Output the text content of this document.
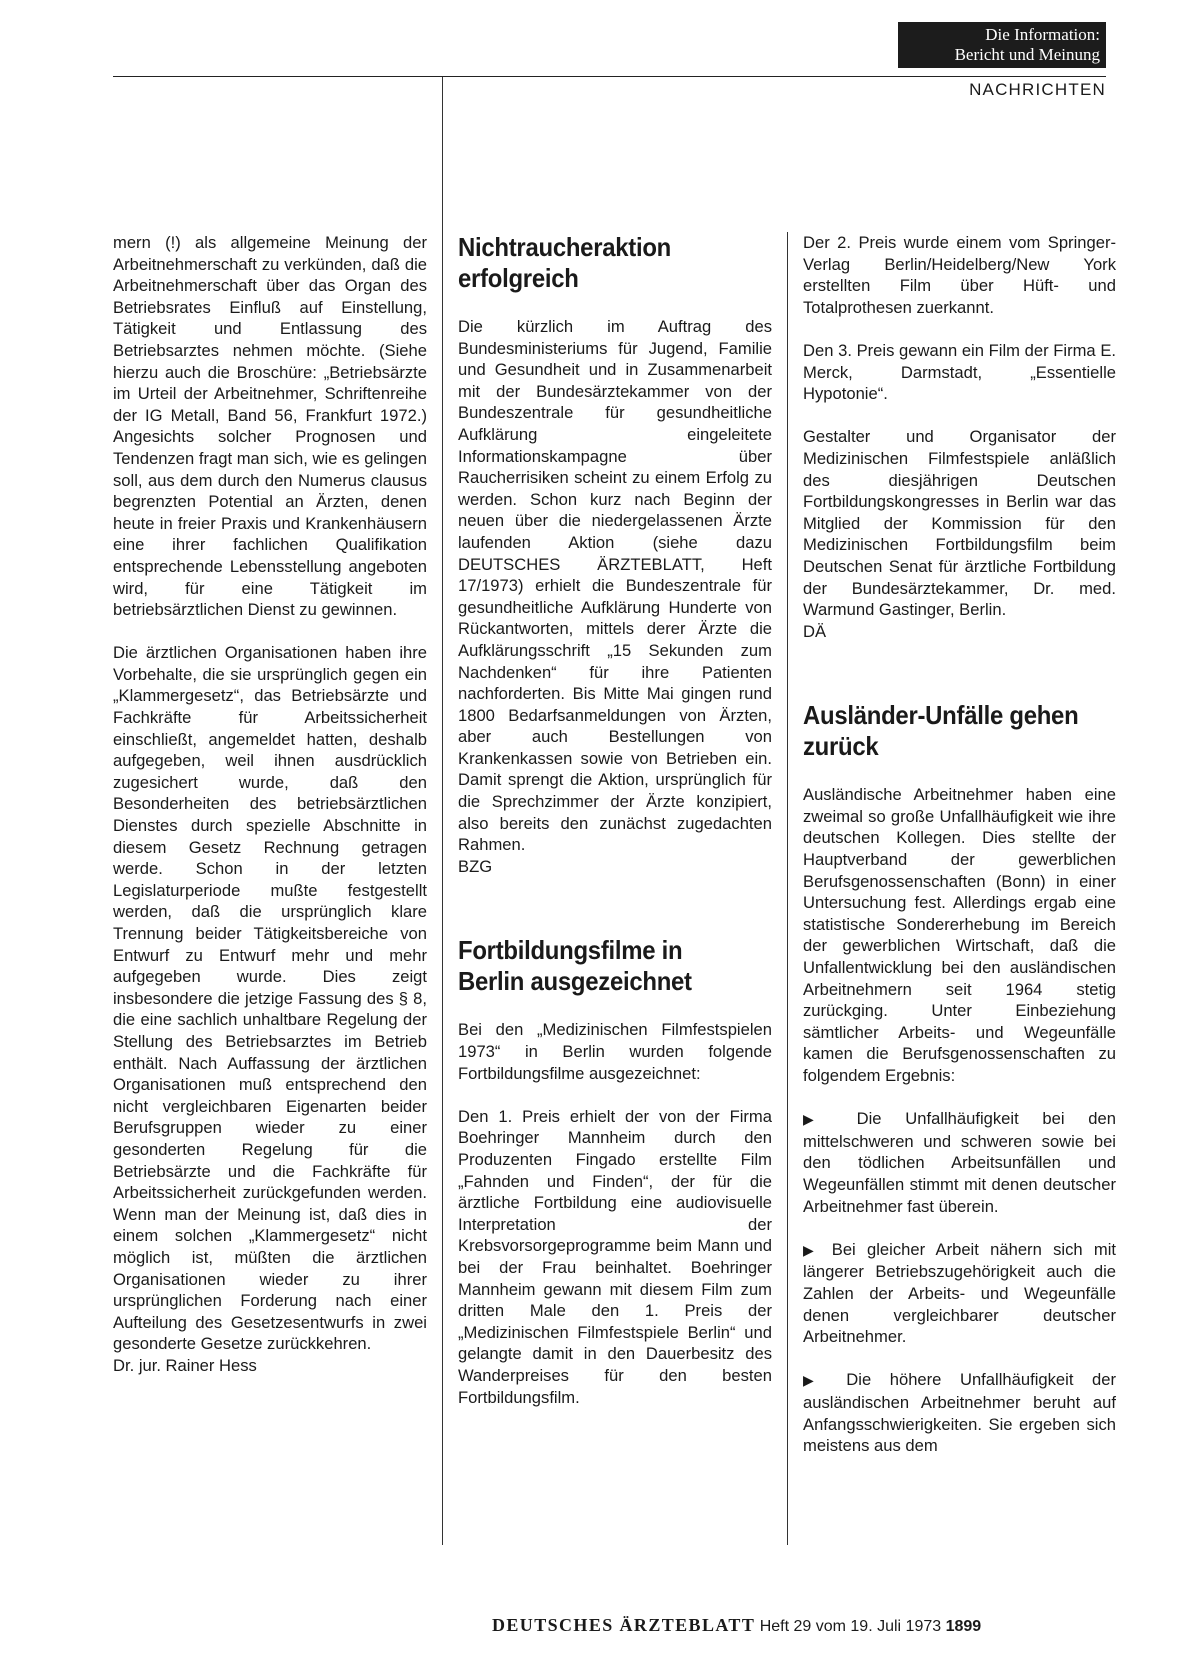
Die Information:
Bericht und Meinung
NACHRICHTEN

mern (!) als allgemeine Meinung der Arbeitnehmerschaft zu verkünden, daß die Arbeitnehmerschaft über das Organ des Betriebsrates Einfluß auf Einstellung, Tätigkeit und Entlassung des Betriebsarztes nehmen möchte. (Siehe hierzu auch die Broschüre: „Betriebsärzte im Urteil der Arbeitnehmer, Schriftenreihe der IG Metall, Band 56, Frankfurt 1972.) Angesichts solcher Prognosen und Tendenzen fragt man sich, wie es gelingen soll, aus dem durch den Numerus clausus begrenzten Potential an Ärzten, denen heute in freier Praxis und Krankenhäusern eine ihrer fachlichen Qualifikation entsprechende Lebensstellung angeboten wird, für eine Tätigkeit im betriebsärztlichen Dienst zu gewinnen.

Die ärztlichen Organisationen haben ihre Vorbehalte, die sie ursprünglich gegen ein „Klammergesetz“, das Betriebsärzte und Fachkräfte für Arbeitssicherheit einschließt, angemeldet hatten, deshalb aufgegeben, weil ihnen ausdrücklich zugesichert wurde, daß den Besonderheiten des betriebsärztlichen Dienstes durch spezielle Abschnitte in diesem Gesetz Rechnung getragen werde. Schon in der letzten Legislaturperiode mußte festgestellt werden, daß die ursprünglich klare Trennung beider Tätigkeitsbereiche von Entwurf zu Entwurf mehr und mehr aufgegeben wurde. Dies zeigt insbesondere die jetzige Fassung des § 8, die eine sachlich unhaltbare Regelung der Stellung des Betriebsarztes im Betrieb enthält. Nach Auffassung der ärztlichen Organisationen muß entsprechend den nicht vergleichbaren Eigenarten beider Berufsgruppen wieder zu einer gesonderten Regelung für die Betriebsärzte und die Fachkräfte für Arbeitssicherheit zurückgefunden werden. Wenn man der Meinung ist, daß dies in einem solchen „Klammergesetz“ nicht möglich ist, müßten die ärztlichen Organisationen wieder zu ihrer ursprünglichen Forderung nach einer Aufteilung des Gesetzesentwurfs in zwei gesonderte Gesetze zurückkehren.

Dr. jur. Rainer Hess

Nichtraucheraktion erfolgreich

Die kürzlich im Auftrag des Bundesministeriums für Jugend, Familie und Gesundheit und in Zusammenarbeit mit der Bundesärztekammer von der Bundeszentrale für gesundheitliche Aufklärung eingeleitete Informationskampagne über Raucherrisiken scheint zu einem Erfolg zu werden. Schon kurz nach Beginn der neuen über die niedergelassenen Ärzte laufenden Aktion (siehe dazu DEUTSCHES ÄRZTEBLATT, Heft 17/1973) erhielt die Bundeszentrale für gesundheitliche Aufklärung Hunderte von Rückantworten, mittels derer Ärzte die Aufklärungsschrift „15 Sekunden zum Nachdenken“ für ihre Patienten nachforderten. Bis Mitte Mai gingen rund 1800 Bedarfsanmeldungen von Ärzten, aber auch Bestellungen von Krankenkassen sowie von Betrieben ein. Damit sprengt die Aktion, ursprünglich für die Sprechzimmer der Ärzte konzipiert, also bereits den zunächst zugedachten Rahmen.

BZG

Fortbildungsfilme in Berlin ausgezeichnet

Bei den „Medizinischen Filmfestspielen 1973“ in Berlin wurden folgende Fortbildungsfilme ausgezeichnet:

Den 1. Preis erhielt der von der Firma Boehringer Mannheim durch den Produzenten Fingado erstellte Film „Fahnden und Finden“, der für die ärztliche Fortbildung eine audiovisuelle Interpretation der Krebsvorsorgeprogramme beim Mann und bei der Frau beinhaltet. Boehringer Mannheim gewann mit diesem Film zum dritten Male den 1. Preis der „Medizinischen Filmfestspiele Berlin“ und gelangte damit in den Dauerbesitz des Wanderpreises für den besten Fortbildungsfilm.

Der 2. Preis wurde einem vom Springer-Verlag Berlin/Heidelberg/New York erstellten Film über Hüft- und Totalprothesen zuerkannt.

Den 3. Preis gewann ein Film der Firma E. Merck, Darmstadt, „Essentielle Hypotonie“.

Gestalter und Organisator der Medizinischen Filmfestspiele anläßlich des diesjährigen Deutschen Fortbildungskongresses in Berlin war das Mitglied der Kommission für den Medizinischen Fortbildungsfilm beim Deutschen Senat für ärztliche Fortbildung der Bundesärztekammer, Dr. med. Warmund Gastinger, Berlin.

DÄ

Ausländer-Unfälle gehen zurück

Ausländische Arbeitnehmer haben eine zweimal so große Unfallhäufigkeit wie ihre deutschen Kollegen. Dies stellte der Hauptverband der gewerblichen Berufsgenossenschaften (Bonn) in einer Untersuchung fest. Allerdings ergab eine statistische Sondererhebung im Bereich der gewerblichen Wirtschaft, daß die Unfallentwicklung bei den ausländischen Arbeitnehmern seit 1964 stetig zurückging. Unter Einbeziehung sämtlicher Arbeits- und Wegeunfälle kamen die Berufsgenossenschaften zu folgendem Ergebnis:

▶ Die Unfallhäufigkeit bei den mittelschweren und schweren sowie bei den tödlichen Arbeitsunfällen und Wegeunfällen stimmt mit denen deutscher Arbeitnehmer fast überein.

▶ Bei gleicher Arbeit nähern sich mit längerer Betriebszugehörigkeit auch die Zahlen der Arbeits- und Wegeunfälle denen vergleichbarer deutscher Arbeitnehmer.

▶ Die höhere Unfallhäufigkeit der ausländischen Arbeitnehmer beruht auf Anfangsschwierigkeiten. Sie ergeben sich meistens aus dem

DEUTSCHES ÄRZTEBLATT Heft 29 vom 19. Juli 1973 1899
